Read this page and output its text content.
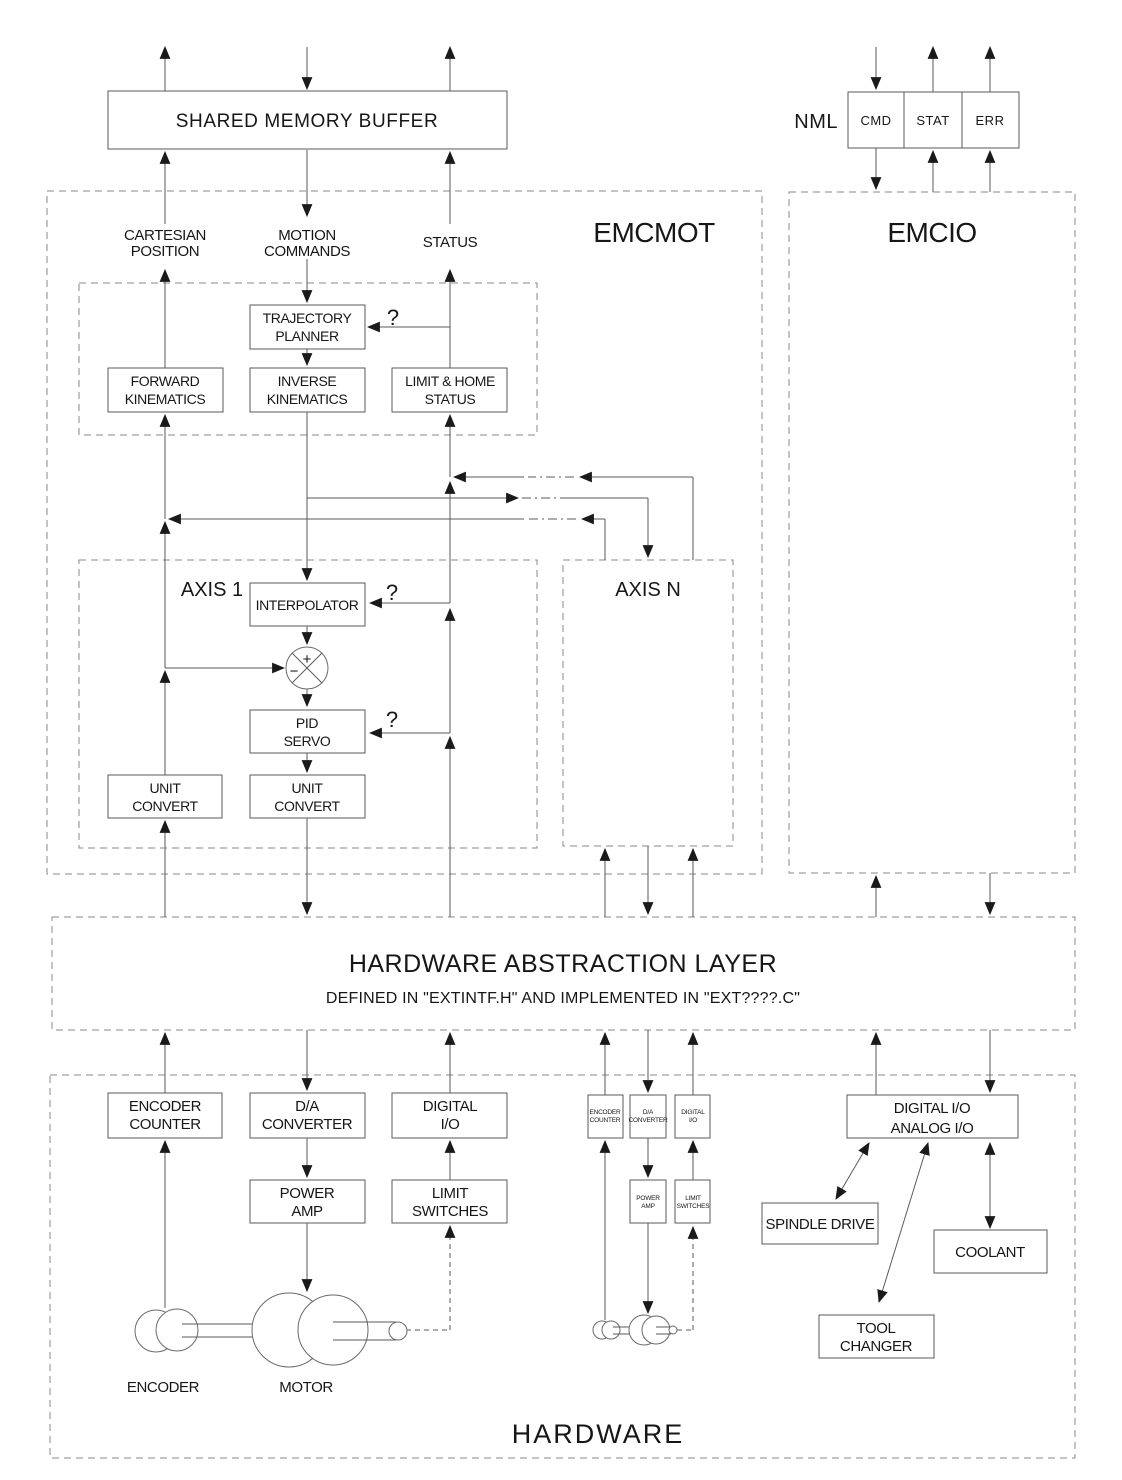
SHARED MEMORY BUFFER	NML CMD STAT ERR
EMCMOT	EMCIO
HARDWARE
CARTESIAN
POSITION
MOTION
COMMANDS
STATUS
TRAJECTORY
PLANNER
FORWARD
KINEMATICS
INVERSE
KINEMATICS
LIMIT & HOME
STATUS
AXIS 1	AXIS N
INTERPOLATOR
?
?
?
+
−
PID
SERVO
UNIT
CONVERT
UNIT
CONVERT
HARDWARE ABSTRACTION LAYER
DEFINED IN "EXTINTF.H" AND IMPLEMENTED IN "EXT????.C"
ENCODER
COUNTER
D/A
CONVERTER
DIGITAL
I/O
POWER
AMP
LIMIT
SWITCHES
ENCODER
COUNTER
D/A
CONVERTER
DIGITAL
I/O
POWER
AMP
LIMIT
SWITCHES
DIGITAL I/O
ANALOG I/O
SPINDLE DRIVE
COOLANT
TOOL
CHANGER
ENCODER	MOTOR
